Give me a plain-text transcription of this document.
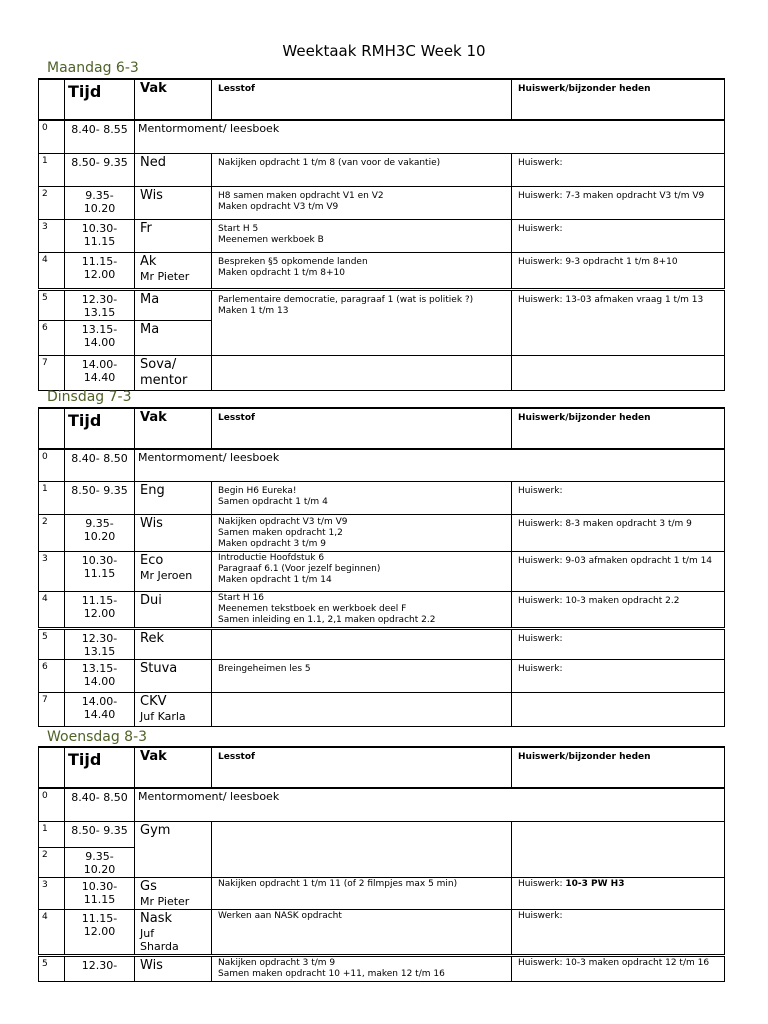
Weektaak RMH3C Week 10
Maandag 6-3
	Tijd	Vak	Lesstof	Huiswerk/bijzonder heden
0	8.40- 8.55	Mentormoment/ leesboek		
1	8.50- 9.35	Ned	Nakijken opdracht 1 t/m 8 (van voor de vakantie)	Huiswerk:
2	9.35- 10.20	Wis	H8 samen maken opdracht V1 en V2
Maken opdracht V3 t/m V9	Huiswerk: 7-3 maken opdracht V3 t/m V9
3	10.30- 11.15	Fr	Start H 5
Meenemen werkboek B	Huiswerk:
4	11.15- 12.00	Ak
Mr Pieter	Bespreken §5 opkomende landen
Maken opdracht 1 t/m 8+10	Huiswerk: 9-3 opdracht 1 t/m 8+10
5	12.30- 13.15	Ma	Parlementaire democratie, paragraaf 1 (wat is politiek ?)
Maken 1 t/m 13	Huiswerk: 13-03 afmaken vraag 1 t/m 13
6	13.15- 14.00	Ma		
7	14.00- 14.40	Sova/ mentor		
Dinsdag 7-3
	Tijd	Vak	Lesstof	Huiswerk/bijzonder heden
0	8.40- 8.50	Mentormoment/ leesboek		
1	8.50- 9.35	Eng	Begin H6 Eureka!
Samen opdracht 1 t/m 4	Huiswerk:
2	9.35- 10.20	Wis	Nakijken opdracht V3 t/m V9
Samen maken opdracht 1,2
Maken opdracht 3 t/m 9	Huiswerk: 8-3 maken opdracht 3 t/m 9
3	10.30- 11.15	Eco
Mr Jeroen	Introductie Hoofdstuk 6
Paragraaf 6.1 (Voor jezelf beginnen)
Maken opdracht 1 t/m 14	Huiswerk: 9-03 afmaken opdracht 1 t/m 14
4	11.15- 12.00	Dui	Start H 16
Meenemen tekstboek en werkboek deel F
Samen inleiding en 1.1, 2,1 maken opdracht 2.2	Huiswerk: 10-3 maken opdracht 2.2
5	12.30- 13.15	Rek		Huiswerk:
6	13.15- 14.00	Stuva	Breingeheimen les 5	Huiswerk:
7	14.00- 14.40	CKV
Juf Karla		

Woensdag 8-3
	Tijd	Vak	Lesstof	Huiswerk/bijzonder heden
0	8.40- 8.50	Mentormoment/ leesboek		
1	8.50- 9.35	Gym		
2	9.35- 10.20			
3	10.30- 11.15	Gs
Mr Pieter	Nakijken opdracht 1 t/m 11 (of 2 filmpjes max 5 min)	Huiswerk: 10-3 PW H3
4	11.15- 12.00	Nask
Juf Sharda	Werken aan NASK opdracht	Huiswerk:
5	12.30-	Wis	Nakijken opdracht 3 t/m 9
Samen maken opdracht 10 +11, maken 12 t/m 16	Huiswerk: 10-3 maken opdracht 12 t/m 16
